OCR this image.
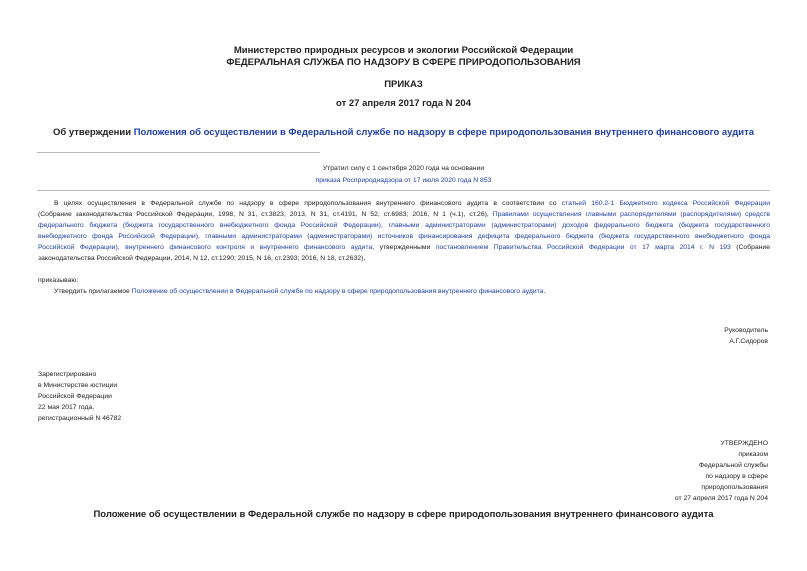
Министерство природных ресурсов и экологии Российской Федерации
ФЕДЕРАЛЬНАЯ СЛУЖБА ПО НАДЗОРУ В СФЕРЕ ПРИРОДОПОЛЬЗОВАНИЯ
ПРИКАЗ
от 27 апреля 2017 года N 204
Об утверждении Положения об осуществлении в Федеральной службе по надзору в сфере природопользования внутреннего финансового аудита
Утратил силу с 1 сентября 2020 года на основании
приказа Росприроднадзора от 17 июля 2020 года N 853
В целях осуществления в Федеральной службе по надзору в сфере природопользования внутреннего финансового аудита в соответствии со статьей 160.2-1 Бюджетного кодекса Российской Федерации
(Собрание законодательства Российской Федерации, 1998, N 31, ст.3823; 2013, N 31, ст.4191, N 52, ст.6983; 2016, N 1 (ч.1), ст.26), Правилами осуществления главными распорядителями (распорядителями) средств
федерального бюджета (бюджета государственного внебюджетного фонда Российской Федерации), главными администраторами (администраторами) доходов федерального бюджета (бюджета государственного
внебюджетного фонда Российской Федерации), главными администраторами (администраторами) источников финансирования дефицита федерального бюджета (бюджета государственного внебюджетного фонда
Российской Федерации), внутреннего финансового контроля и внутреннего финансового аудита, утвержденными постановлением Правительства Российской Федерации от 17 марта 2014 г. N 193 (Собрание
законодательства Российской Федерации, 2014, N 12, ст.1290; 2015, N 16, ст.2393; 2016, N 18, ст.2632),
приказываю:
Утвердить прилагаемое Положение об осуществлении в Федеральной службе по надзору в сфере природопользования внутреннего финансового аудита.
Руководитель
А.Г.Сидоров
Зарегистрировано
в Министерстве юстиции
Российской Федерации
22 мая 2017 года,
регистрационный N 46782
УТВЕРЖДЕНО
приказом
Федеральной службы
по надзору в сфере
природопользования
от 27 апреля 2017 года N 204
Положение об осуществлении в Федеральной службе по надзору в сфере природопользования внутреннего финансового аудита
